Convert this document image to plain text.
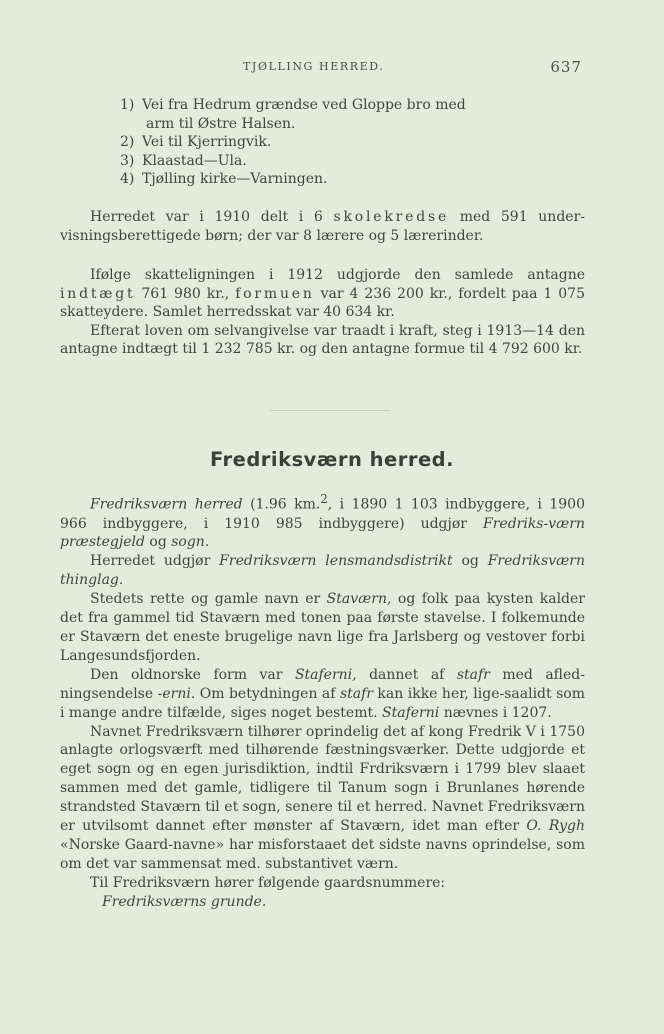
TJØLLING HERRED.	637
1) Vei fra Hedrum grændse ved Gloppe bro med
arm til Østre Halsen.
2) Vei til Kjerringvik.
3) Klaastad—Ula.
4) Tjølling kirke—Varningen.

Herredet var i 1910 delt i 6 skolekredse med 591 under-visningsberettigede børn; der var 8 lærere og 5 lærerinder.

Ifølge skatteligningen i 1912 udgjorde den samlede antagne indtægt 761 980 kr., formuen var 4 236 200 kr., fordelt paa 1 075 skatteydere. Samlet herredsskat var 40 634 kr.

Efterat loven om selvangivelse var traadt i kraft, steg i 1913—14 den antagne indtægt til 1 232 785 kr. og den antagne formue til 4 792 600 kr.

Fredriksværn herred.

Fredriksværn herred (1.96 km.$^2$, i 1890 1 103 indbyggere, i 1900 966 indbyggere, i 1910 985 indbyggere) udgjør Fredriks-værn præstegjeld og sogn.

Herredet udgjør Fredriksværn lensmandsdistrikt og Fredriksværn thinglag.

Stedets rette og gamle navn er Staværn, og folk paa kysten kalder det fra gammel tid Staværn med tonen paa første stavelse. I folkemunde er Staværn det eneste brugelige navn lige fra Jarlsberg og vestover forbi Langesundsfjorden.

Den oldnorske form var Staferni, dannet af stafr med afled-ningsendelse -erni. Om betydningen af stafr kan ikke her, lige-saalidt som i mange andre tilfælde, siges noget bestemt. Staferni nævnes i 1207.

Navnet Fredriksværn tilhører oprindelig det af kong Fredrik V i 1750 anlagte orlogsværft med tilhørende fæstningsværker. Dette udgjorde et eget sogn og en egen jurisdiktion, indtil Frdriksværn i 1799 blev slaaet sammen med det gamle, tidligere til Tanum sogn i Brunlanes hørende strandsted Staværn til et sogn, senere til et herred. Navnet Fredriksværn er utvilsomt dannet efter mønster af Staværn, idet man efter O. Rygh «Norske Gaard-navne» har misforstaaet det sidste navns oprindelse, som om det var sammensat med. substantivet værn.

Til Fredriksværn hører følgende gaardsnummere:

Fredriksværns grunde.
